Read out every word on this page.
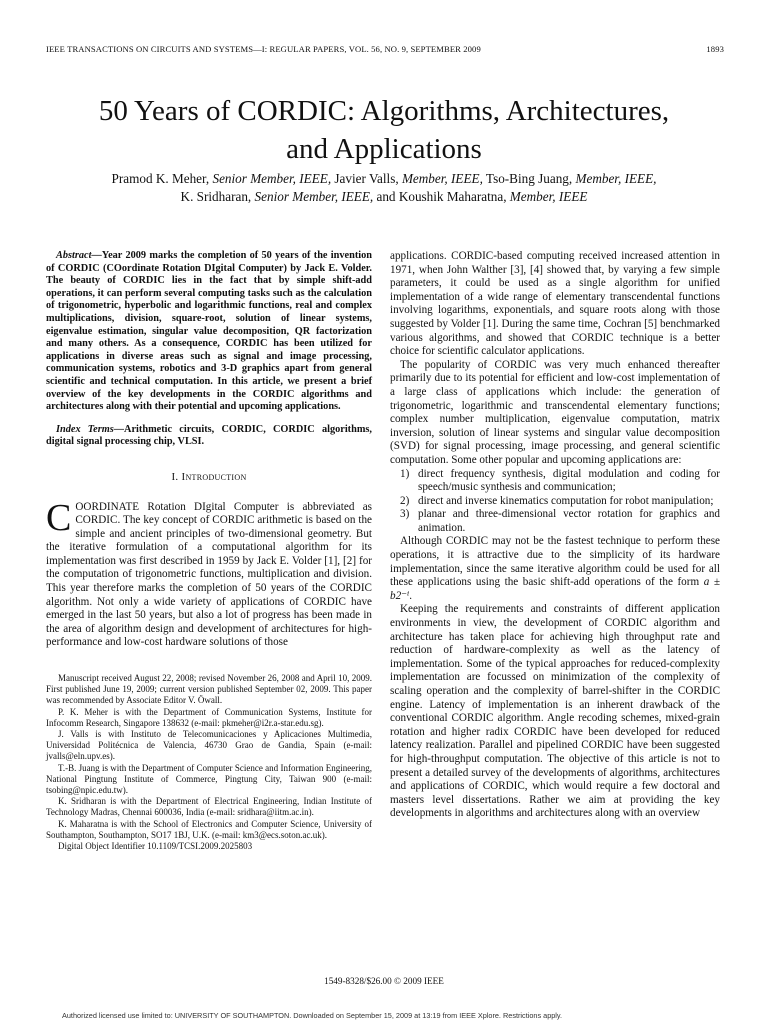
IEEE TRANSACTIONS ON CIRCUITS AND SYSTEMS—I: REGULAR PAPERS, VOL. 56, NO. 9, SEPTEMBER 2009	1893
50 Years of CORDIC: Algorithms, Architectures,
and Applications
Pramod K. Meher, Senior Member, IEEE, Javier Valls, Member, IEEE, Tso-Bing Juang, Member, IEEE,
K. Sridharan, Senior Member, IEEE, and Koushik Maharatna, Member, IEEE

Abstract—Year 2009 marks the completion of 50 years of the invention of CORDIC (COordinate Rotation DIgital Computer) by Jack E. Volder. The beauty of CORDIC lies in the fact that by simple shift-add operations, it can perform several computing tasks such as the calculation of trigonometric, hyperbolic and logarithmic functions, real and complex multiplications, division, square-root, solution of linear systems, eigenvalue estimation, singular value decomposition, QR factorization and many others. As a consequence, CORDIC has been utilized for applications in diverse areas such as signal and image processing, communication systems, robotics and 3-D graphics apart from general scientific and technical computation. In this article, we present a brief overview of the key developments in the CORDIC algorithms and architectures along with their potential and upcoming applications.

Index Terms—Arithmetic circuits, CORDIC, CORDIC algorithms, digital signal processing chip, VLSI.

I. Introduction

COORDINATE Rotation DIgital Computer is abbreviated as CORDIC. The key concept of CORDIC arithmetic is based on the simple and ancient principles of two-dimensional geometry. But the iterative formulation of a computational algorithm for its implementation was first described in 1959 by Jack E. Volder [1], [2] for the computation of trigonometric functions, multiplication and division. This year therefore marks the completion of 50 years of the CORDIC algorithm. Not only a wide variety of applications of CORDIC have emerged in the last 50 years, but also a lot of progress has been made in the area of algorithm design and development of architectures for high-performance and low-cost hardware solutions of those

Manuscript received August 22, 2008; revised November 26, 2008 and April 10, 2009. First published June 19, 2009; current version published September 02, 2009. This paper was recommended by Associate Editor V. Öwall.

P. K. Meher is with the Department of Communication Systems, Institute for Infocomm Research, Singapore 138632 (e-mail: pkmeher@i2r.a-star.edu.sg).

J. Valls is with Instituto de Telecomunicaciones y Aplicaciones Multimedia, Universidad Politécnica de Valencia, 46730 Grao de Gandia, Spain (e-mail: jvalls@eln.upv.es).

T.-B. Juang is with the Department of Computer Science and Information Engineering, National Pingtung Institute of Commerce, Pingtung City, Taiwan 900 (e-mail: tsobing@npic.edu.tw).

K. Sridharan is with the Department of Electrical Engineering, Indian Institute of Technology Madras, Chennai 600036, India (e-mail: sridhara@iitm.ac.in).

K. Maharatna is with the School of Electronics and Computer Science, University of Southampton, Southampton, SO17 1BJ, U.K. (e-mail: km3@ecs.soton.ac.uk).

Digital Object Identifier 10.1109/TCSI.2009.2025803

applications. CORDIC-based computing received increased attention in 1971, when John Walther [3], [4] showed that, by varying a few simple parameters, it could be used as a single algorithm for unified implementation of a wide range of elementary transcendental functions involving logarithms, exponentials, and square roots along with those suggested by Volder [1]. During the same time, Cochran [5] benchmarked various algorithms, and showed that CORDIC technique is a better choice for scientific calculator applications.

The popularity of CORDIC was very much enhanced thereafter primarily due to its potential for efficient and low-cost implementation of a large class of applications which include: the generation of trigonometric, logarithmic and transcendental elementary functions; complex number multiplication, eigenvalue computation, matrix inversion, solution of linear systems and singular value decomposition (SVD) for signal processing, image processing, and general scientific computation. Some other popular and upcoming applications are:

1) direct frequency synthesis, digital modulation and coding for speech/music synthesis and communication;
2) direct and inverse kinematics computation for robot manipulation;
3) planar and three-dimensional vector rotation for graphics and animation.

Although CORDIC may not be the fastest technique to perform these operations, it is attractive due to the simplicity of its hardware implementation, since the same iterative algorithm could be used for all these applications using the basic shift-add operations of the form a ± b2⁻ⁱ.

Keeping the requirements and constraints of different application environments in view, the development of CORDIC algorithm and architecture has taken place for achieving high throughput rate and reduction of hardware-complexity as well as the latency of implementation. Some of the typical approaches for reduced-complexity implementation are focussed on minimization of the complexity of scaling operation and the complexity of barrel-shifter in the CORDIC engine. Latency of implementation is an inherent drawback of the conventional CORDIC algorithm. Angle recoding schemes, mixed-grain rotation and higher radix CORDIC have been developed for reduced latency realization. Parallel and pipelined CORDIC have been suggested for high-throughput computation. The objective of this article is not to present a detailed survey of the developments of algorithms, architectures and applications of CORDIC, which would require a few doctoral and masters level dissertations. Rather we aim at providing the key developments in algorithms and architectures along with an overview

1549-8328/$26.00 © 2009 IEEE
Authorized licensed use limited to: UNIVERSITY OF SOUTHAMPTON. Downloaded on September 15, 2009 at 13:19 from IEEE Xplore. Restrictions apply.
